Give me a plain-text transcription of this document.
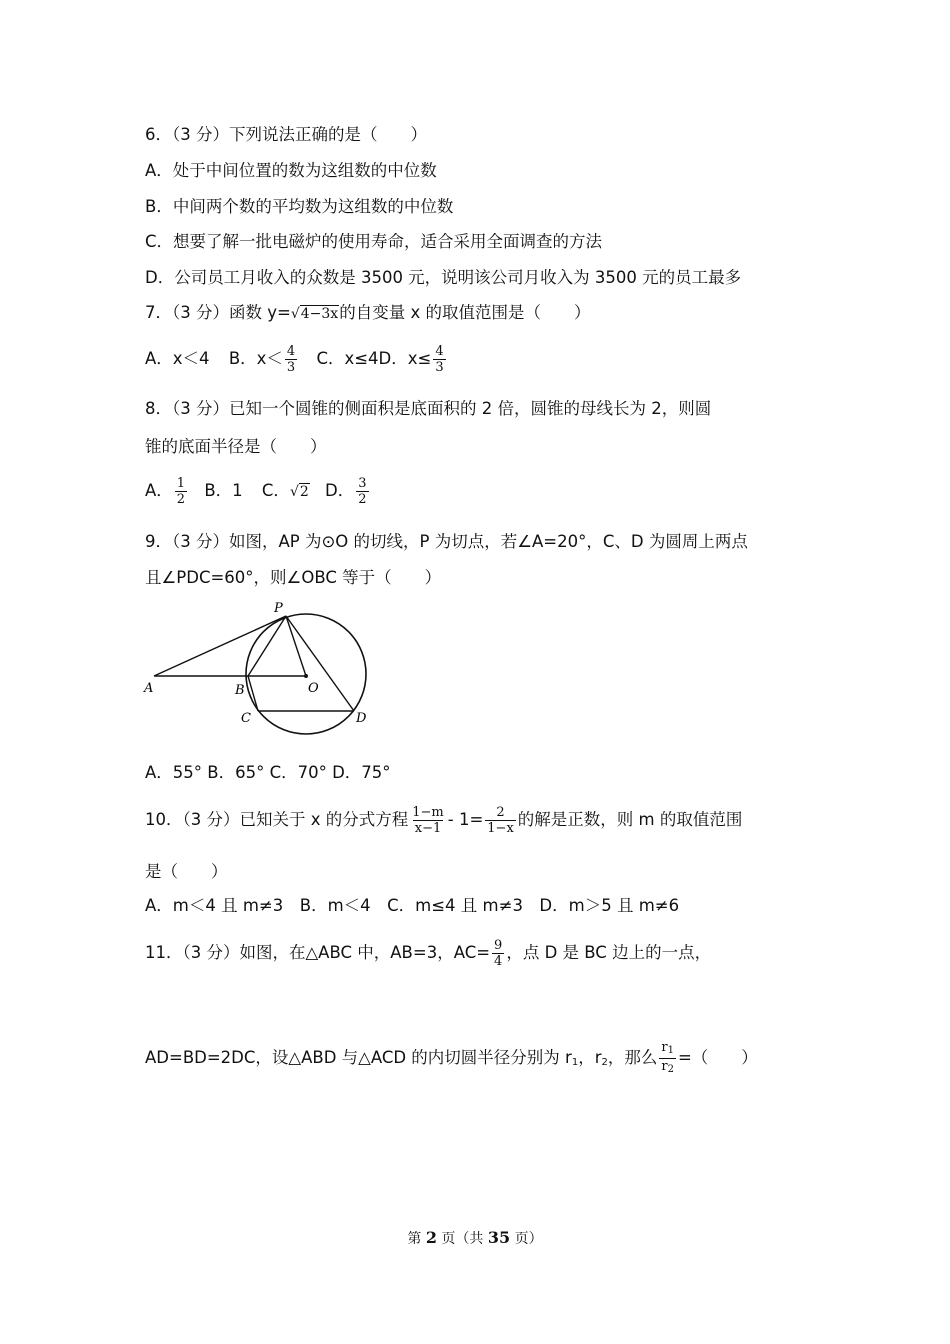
6．（3 分）下列说法正确的是（　　）
A．处于中间位置的数为这组数的中位数
B．中间两个数的平均数为这组数的中位数
C．想要了解一批电磁炉的使用寿命，适合采用全面调查的方法
D．公司员工月收入的众数是 3500 元，说明该公司月收入为 3500 元的员工最多
7．（3 分）函数 y=√4−3x的自变量 x 的取值范围是（　　）
A．x＜4 B．$x< \frac{4}{3}$ C．x≤4D．$x\le \frac{4}{3}$
8．（3 分）已知一个圆锥的侧面积是底面积的 2 倍，圆锥的母线长为 2，则圆
锥的底面半径是（　　）
A． $\frac{1}{2}$ B．1 C．√2 D． $\frac{3}{2}$
9．（3 分）如图，AP 为⊙O 的切线，P 为切点，若∠A=20°，C、D 为圆周上两点
且∠PDC=60°，则∠OBC 等于（　　）
P
A	B	O
C	D
A．55° B．65° C．70° D．75°
10．（3 分）已知关于 x 的分式方程 $\frac{1-m}{x-1} - 1= \frac{2}{1-x}$ 的解是正数，则 m 的取值范围
是（　　）
A．m＜4 且 m≠3　B．m＜4　C．m≤4 且 m≠3　D．m＞5 且 m≠6
11．（3 分）如图，在△ABC 中，AB=3，$AC= \frac{9}{4}$ ，点 D 是 BC 边上的一点，
AD=BD=2DC，设△ABD 与△ACD 的内切圆半径分别为 $r_1$，$r_2$，那么 $\frac{r_1}{r_2}$ =（　　）
第 2 页（共 35 页）
